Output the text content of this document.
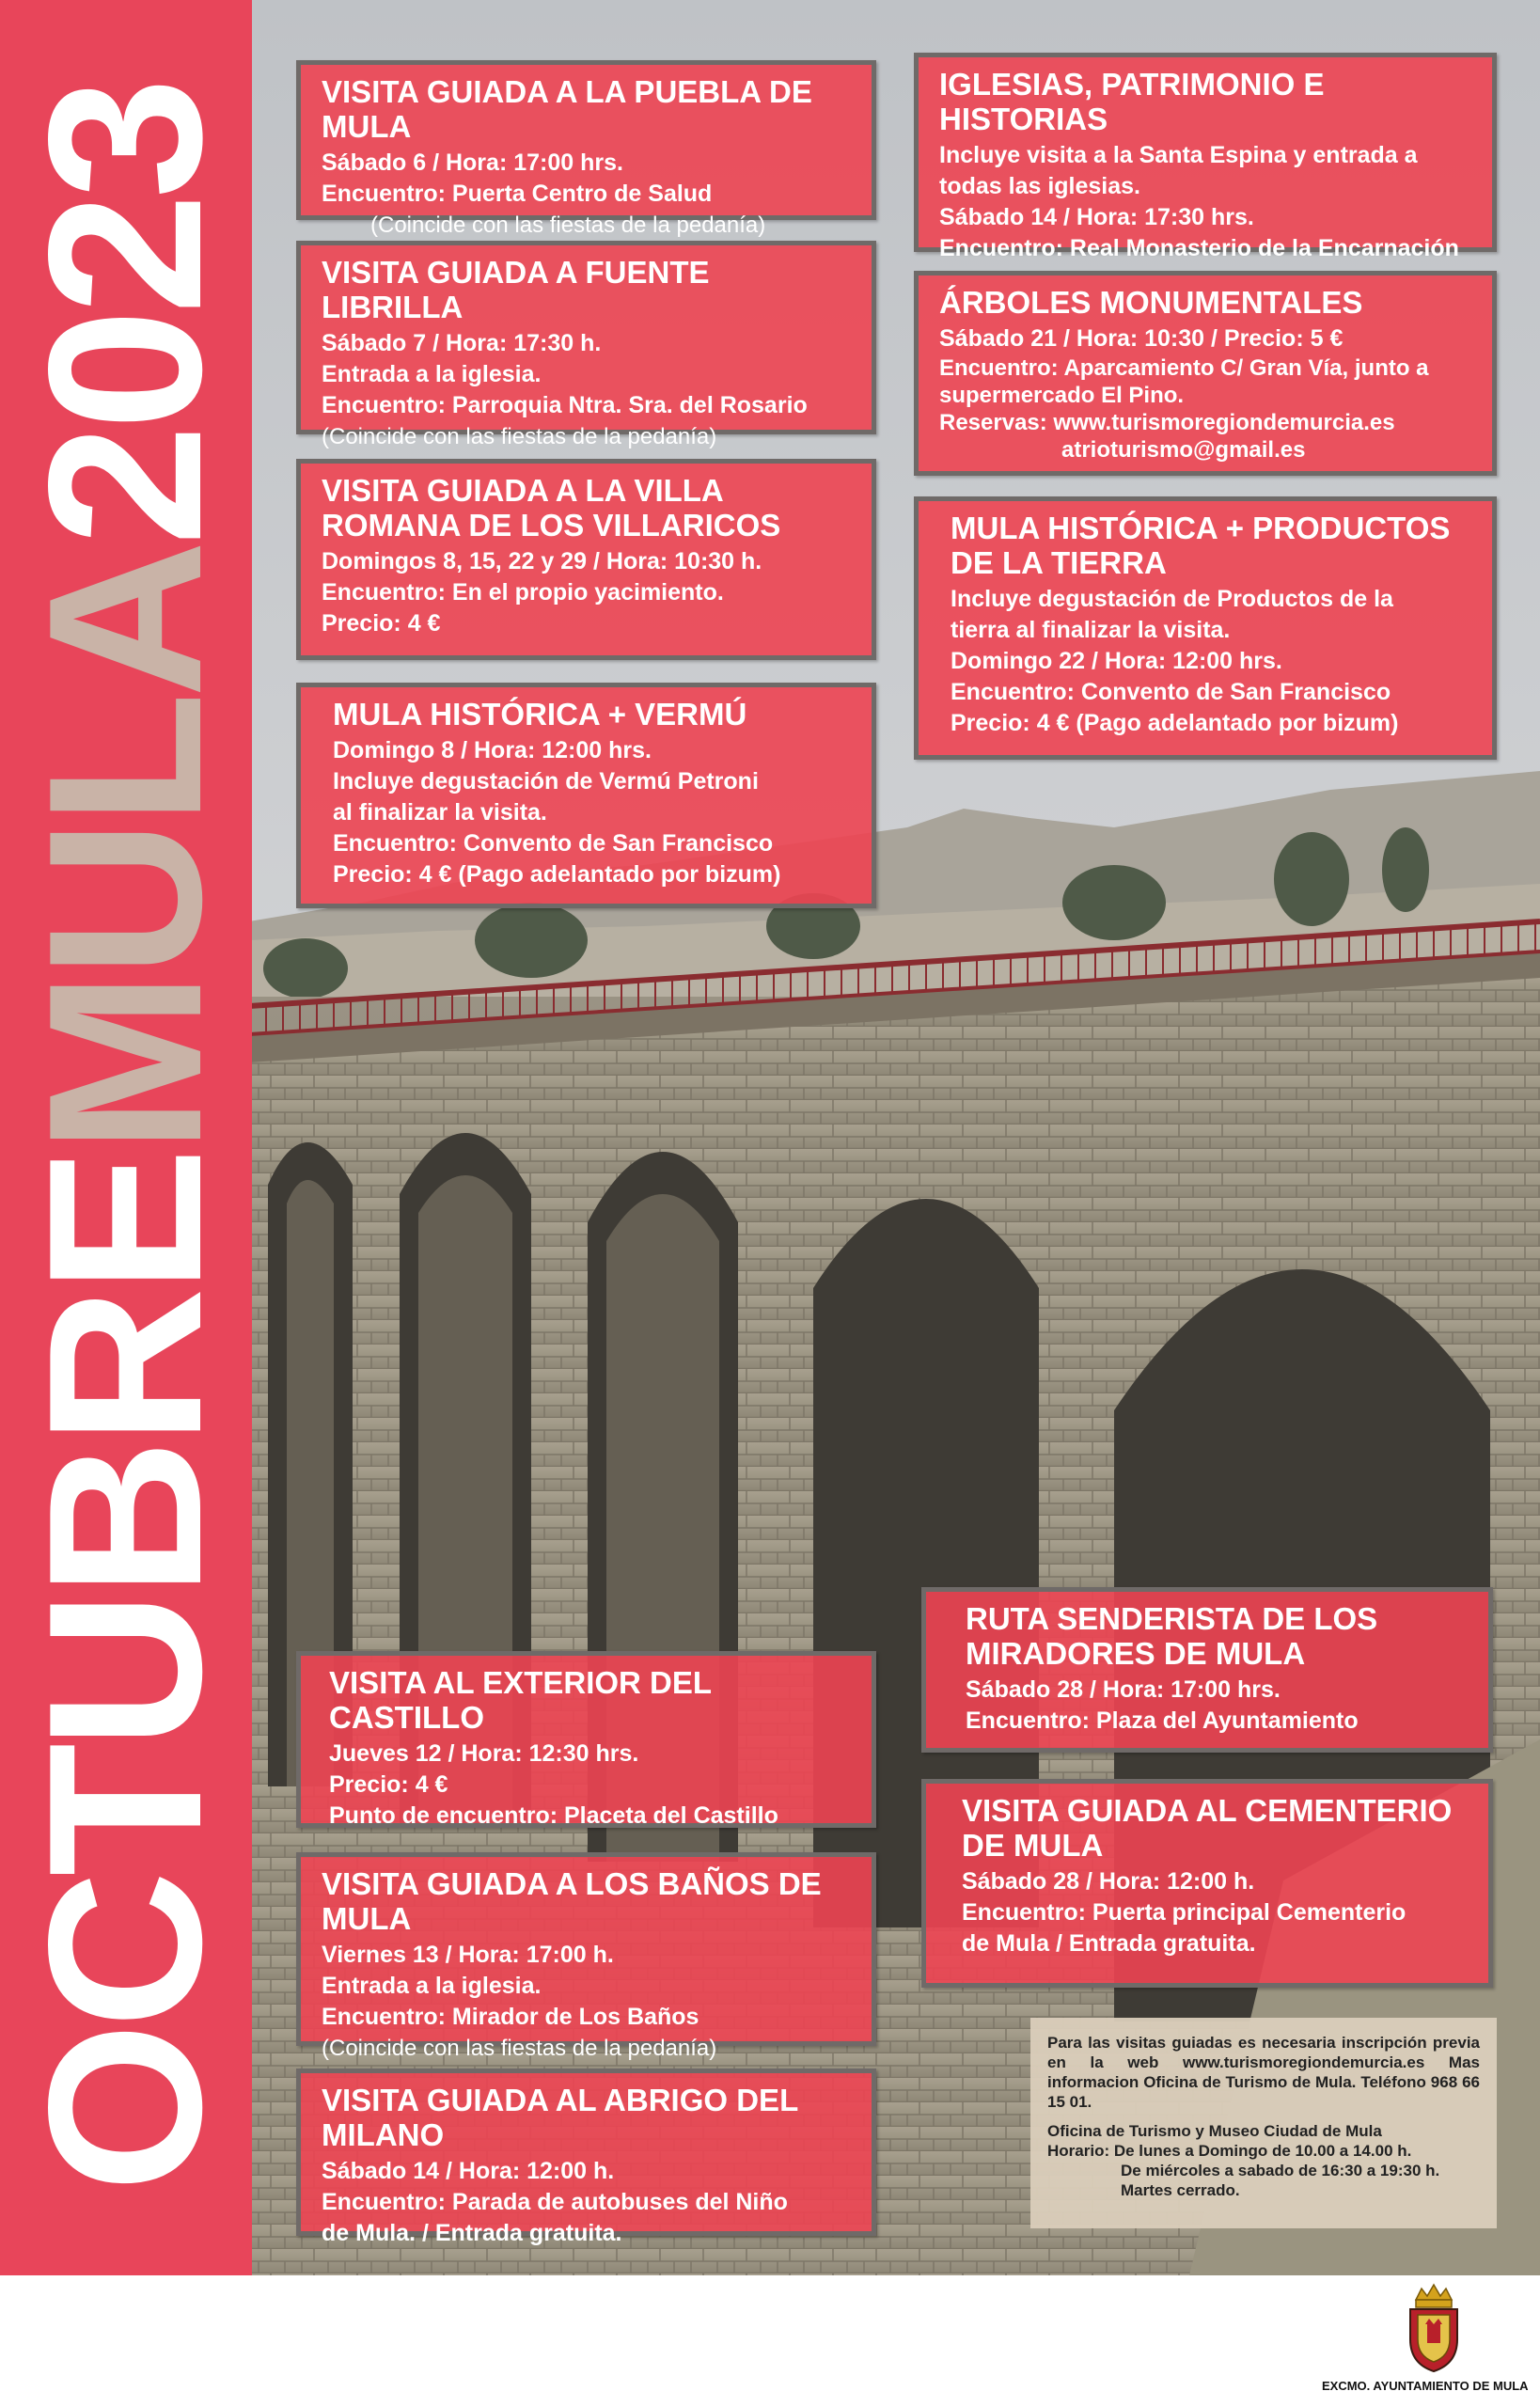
OCTUBREMULA2023 VISITA GUIADA A LA PUEBLA DE MULA
Sábado 6 / Hora: 17:00 hrs.
Encuentro: Puerta Centro de Salud
(Coincide con las fiestas de la pedanía)
VISITA GUIADA A FUENTE LIBRILLA
Sábado 7 / Hora: 17:30 h.
Entrada a la iglesia.
Encuentro: Parroquia Ntra. Sra. del Rosario
(Coincide con las fiestas de la pedanía)
VISITA GUIADA A LA VILLA
ROMANA DE LOS VILLARICOS
Domingos 8, 15, 22 y 29 / Hora: 10:30 h.
Encuentro: En el propio yacimiento.
Precio: 4 €
MULA HISTÓRICA + VERMÚ
Domingo 8 / Hora: 12:00 hrs.
Incluye degustación de Vermú Petroni
al finalizar la visita.
Encuentro: Convento de San Francisco
Precio: 4 € (Pago adelantado por bizum)
IGLESIAS, PATRIMONIO E HISTORIAS
Incluye visita a la Santa Espina y entrada a
todas las iglesias.
Sábado 14 / Hora: 17:30 hrs.
Encuentro: Real Monasterio de la Encarnación
ÁRBOLES MONUMENTALES
Sábado 21 / Hora: 10:30 / Precio: 5 €
Encuentro: Aparcamiento C/ Gran Vía, junto a
supermercado El Pino.
Reservas: www.turismoregiondemurcia.es
atrioturismo@gmail.es
MULA HISTÓRICA + PRODUCTOS
DE LA TIERRA
Incluye degustación de Productos de la
tierra al finalizar la visita.
Domingo 22 / Hora: 12:00 hrs.
Encuentro: Convento de San Francisco
Precio: 4 € (Pago adelantado por bizum)
VISITA AL EXTERIOR DEL CASTILLO
Jueves 12 / Hora: 12:30 hrs.
Precio: 4 €
Punto de encuentro: Placeta del Castillo
VISITA GUIADA A LOS BAÑOS DE MULA
Viernes 13 / Hora: 17:00 h.
Entrada a la iglesia.
Encuentro: Mirador de Los Baños
(Coincide con las fiestas de la pedanía)
VISITA GUIADA AL ABRIGO DEL MILANO
Sábado 14 / Hora: 12:00 h.
Encuentro: Parada de autobuses del Niño
de Mula. / Entrada gratuita.
RUTA SENDERISTA DE LOS
MIRADORES DE MULA
Sábado 28 / Hora: 17:00 hrs.
Encuentro: Plaza del Ayuntamiento
VISITA GUIADA AL CEMENTERIO
DE MULA
Sábado 28 / Hora: 12:00 h.
Encuentro: Puerta principal Cementerio
de Mula / Entrada gratuita.
Para las visitas guiadas es necesaria inscripción previa en la web www.turismoregiondemurcia.es Mas informacion Oficina de Turismo de Mula. Teléfono 968 66 15 01.
Oficina de Turismo y Museo Ciudad de Mula
Horario: De lunes a Domingo de 10.00 a 14.00 h.
De miércoles a sabado de 16:30 a 19:30 h.
Martes cerrado.
EXCMO. AYUNTAMIENTO DE MULA
